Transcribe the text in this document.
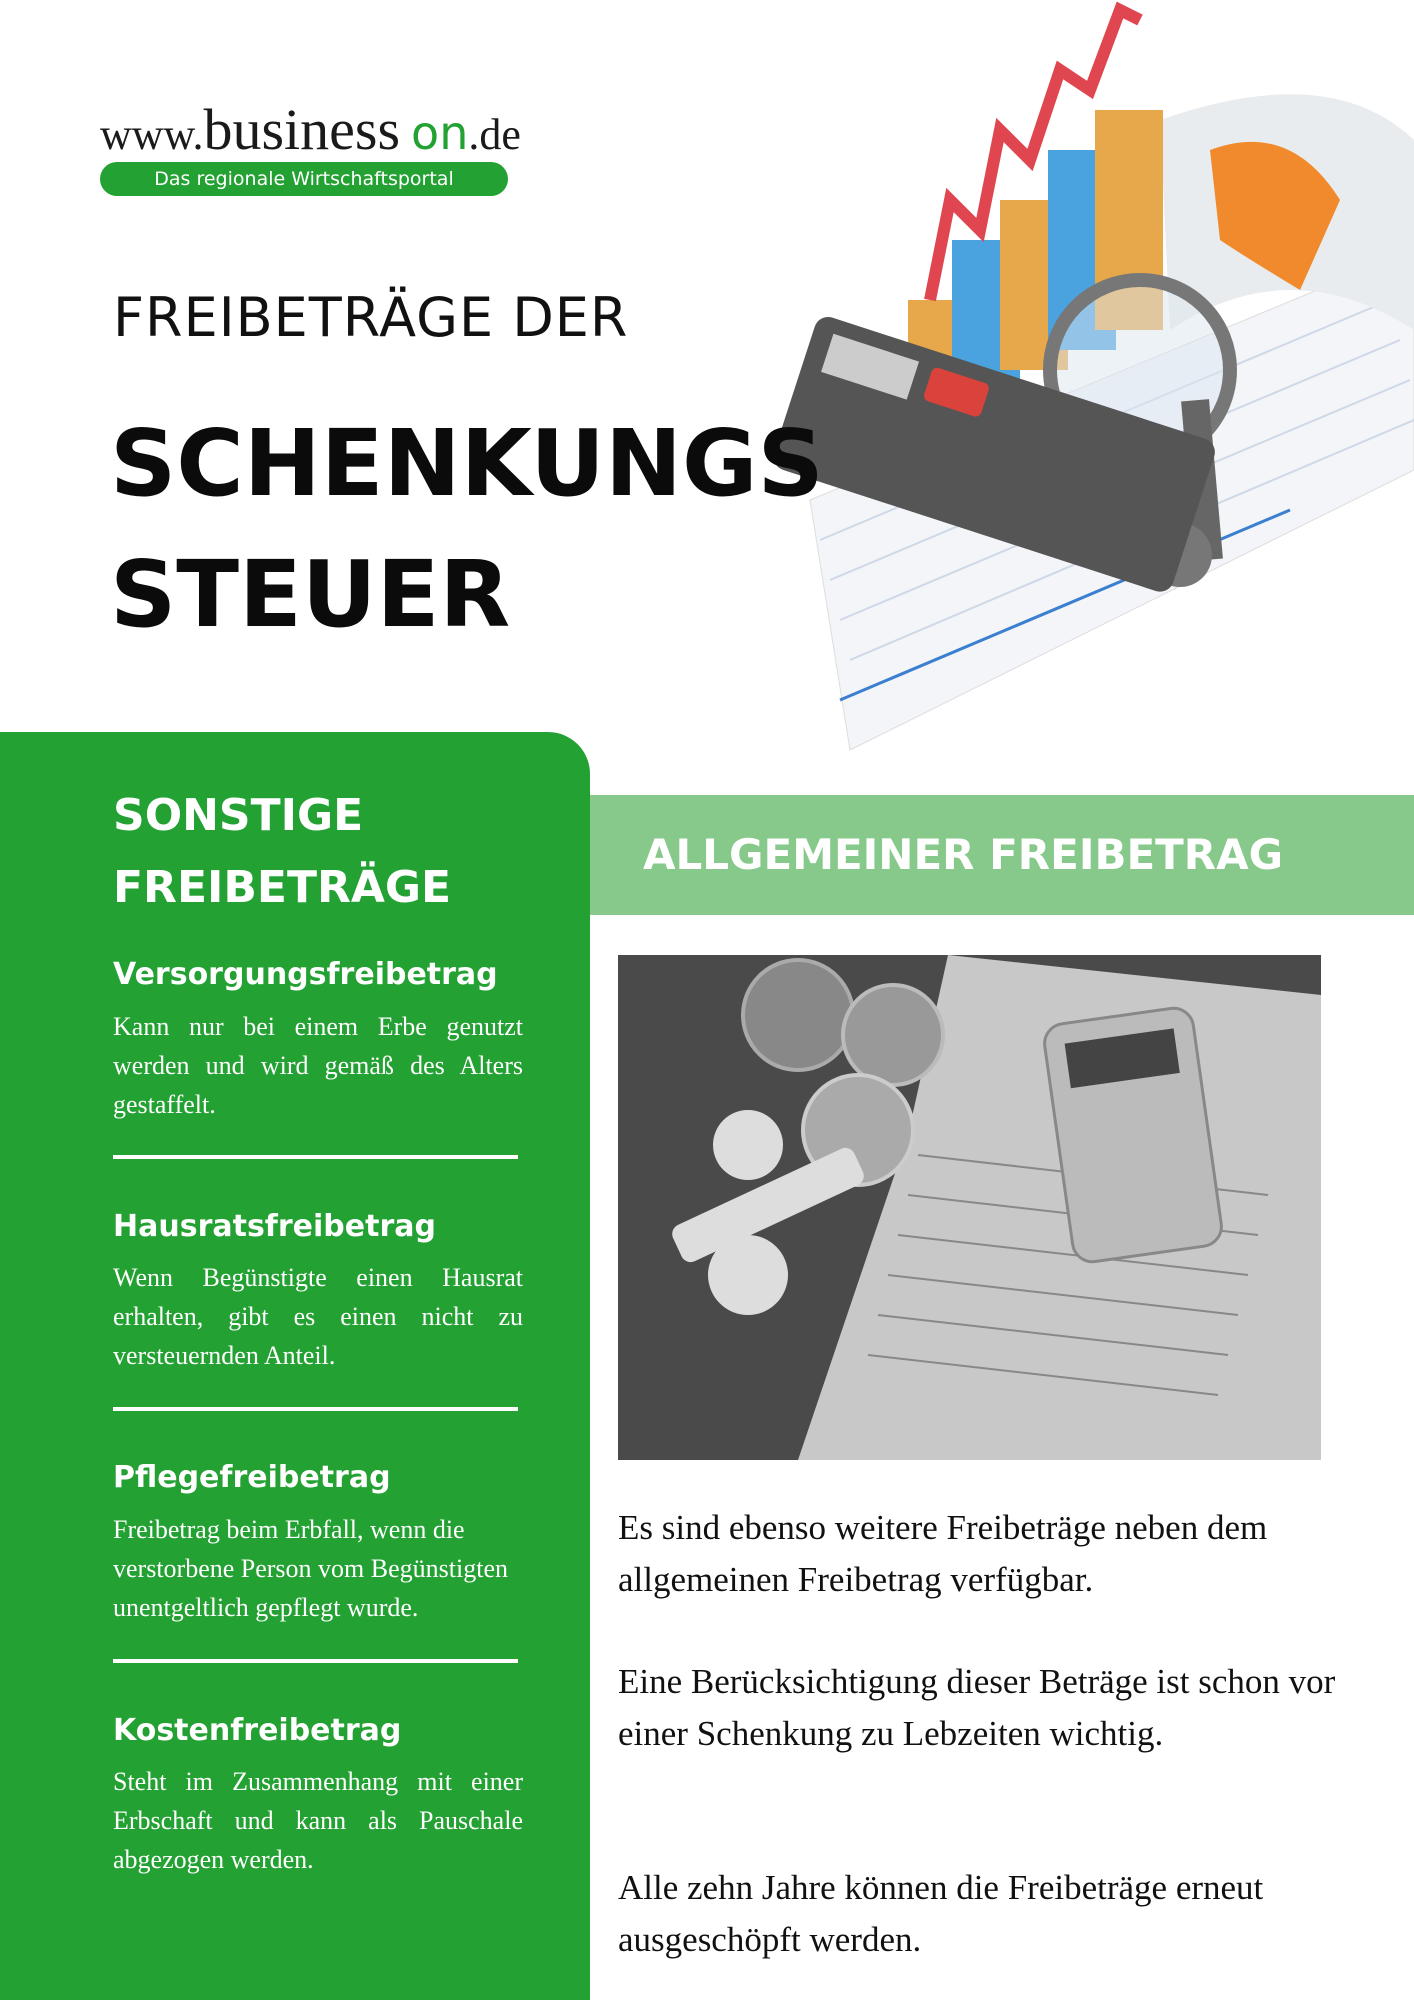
www.business on.de
Das regionale Wirtschaftsportal
FREIBETRÄGE DER
SCHENKUNGS
STEUER
SONSTIGE
FREIBETRÄGE
Versorgungsfreibetrag
Kann nur bei einem Erbe genutzt werden und wird gemäß des Alters gestaffelt.
Hausratsfreibetrag
Wenn Begünstigte einen Hausrat erhalten, gibt es einen nicht zu versteuernden Anteil.
Pflegefreibetrag
Freibetrag beim Erbfall, wenn die verstorbene Person vom Begünstigten unentgeltlich gepflegt wurde.
Kostenfreibetrag
Steht im Zusammenhang mit einer Erbschaft und kann als Pauschale abgezogen werden.
ALLGEMEINER FREIBETRAG
Es sind ebenso weitere Freibeträge neben dem allgemeinen Freibetrag verfügbar.
Eine Berücksichtigung dieser Beträge ist schon vor einer Schenkung zu Lebzeiten wichtig.
Alle zehn Jahre können die Freibeträge erneut ausgeschöpft werden.
